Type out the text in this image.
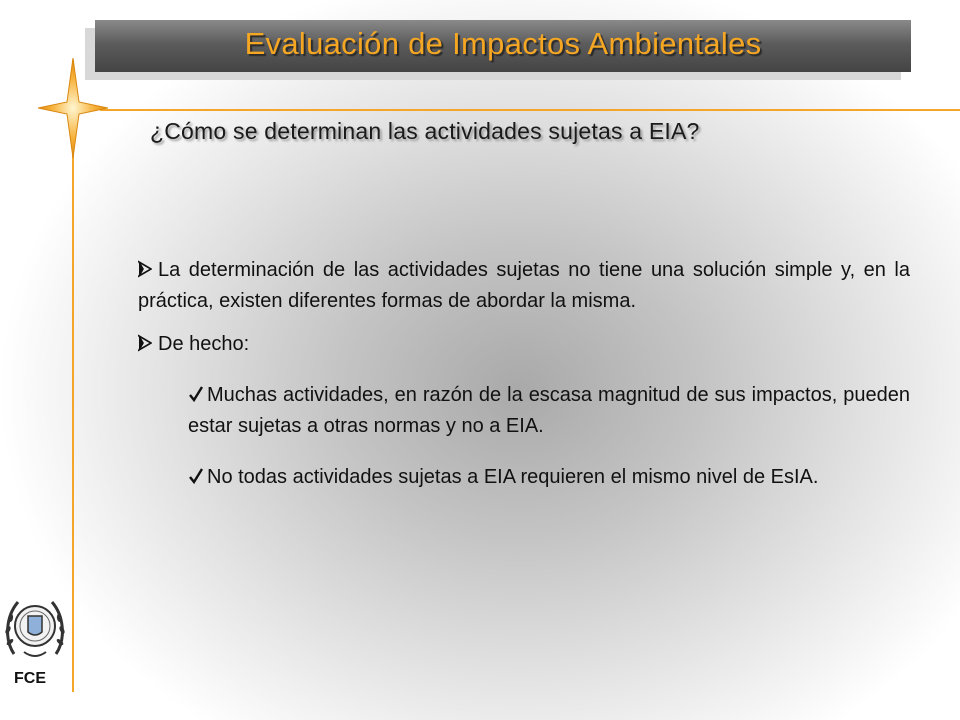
Evaluación de Impactos Ambientales
¿Cómo se determinan las actividades sujetas a EIA?

La determinación de las actividades sujetas no tiene una solución simple y, en la práctica, existen diferentes formas de abordar la misma.

De hecho:

Muchas actividades, en razón de la escasa magnitud de sus impactos, pueden estar sujetas a otras normas y no a EIA.

No todas actividades sujetas a EIA requieren el mismo nivel de EsIA.

FCE
